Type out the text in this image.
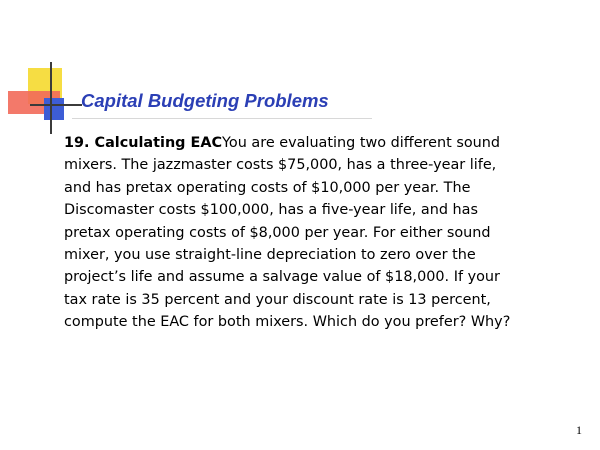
Capital Budgeting Problems
19. Calculating EACYou are evaluating two different sound
mixers. The jazzmaster costs $75,000, has a three-year life,
and has pretax operating costs of $10,000 per year. The
Discomaster costs $100,000, has a five-year life, and has
pretax operating costs of $8,000 per year. For either sound
mixer, you use straight-line depreciation to zero over the
project’s life and assume a salvage value of $18,000. If your
tax rate is 35 percent and your discount rate is 13 percent,
compute the EAC for both mixers. Which do you prefer? Why?
1
